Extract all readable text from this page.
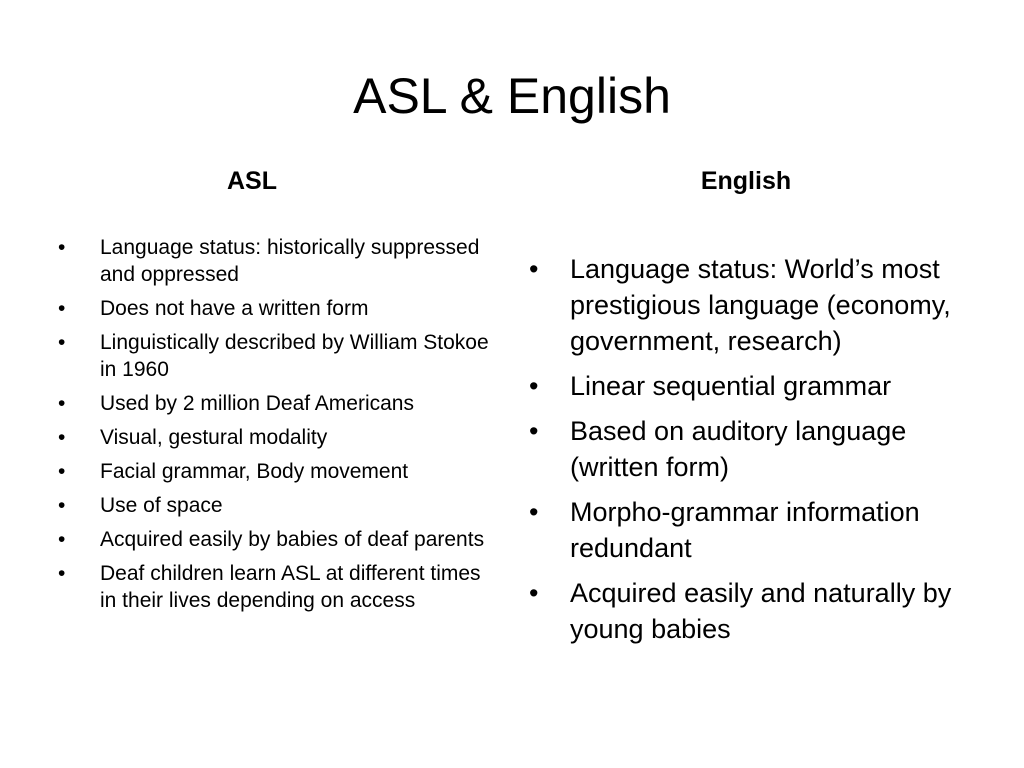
ASL & English
ASL	English
• Language status: historically suppressed and oppressed
• Does not have a written form
• Linguistically described by William Stokoe in 1960
• Used by 2 million Deaf Americans
• Visual, gestural modality
• Facial grammar, Body movement
• Use of space
• Acquired easily by babies of deaf parents
• Deaf children learn ASL at different times in their lives depending on access
• Language status: World’s most prestigious language (economy, government, research)
• Linear sequential grammar
• Based on auditory language (written form)
• Morpho-grammar information redundant
• Acquired easily and naturally by young babies
